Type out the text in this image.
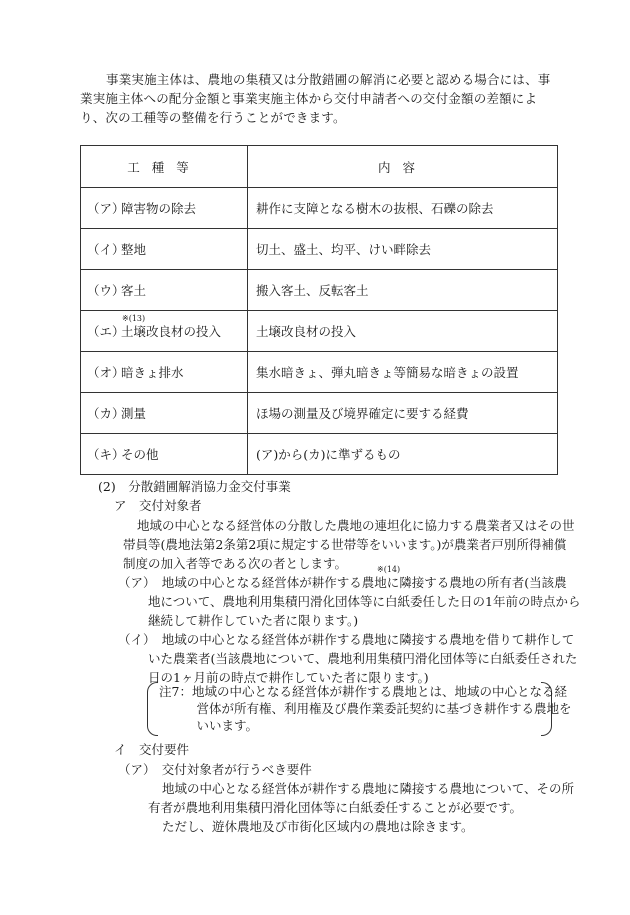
事業実施主体は、農地の集積又は分散錯圃の解消に必要と認める場合には、事業実施主体への配分金額と事業実施主体から交付申請者への交付金額の差額により、次の工種等の整備を行うことができます。
工種等	内容
（ア）障害物の除去	耕作に支障となる樹木の抜根、石礫の除去
（イ）整地	切土、盛土、均平、けい畔除去
（ウ）客土	搬入客土、反転客土

※(13)
（エ）土壌改良材の投入	土壌改良材の投入
（オ）暗きょ排水	集水暗きょ、弾丸暗きょ等簡易な暗きょの設置
（カ）測量	ほ場の測量及び境界確定に要する経費
（キ）その他	(ア)から(カ)に準ずるもの
(2)　分散錯圃解消協力金交付事業
ア　交付対象者
地域の中心となる経営体の分散した農地の連坦化に協力する農業者又はその世
帯員等(農地法第2条第2項に規定する世帯等をいいます。)が農業者戸別所得補償
制度の加入者等である次の者とします。	※(14)
（ア）　地域の中心となる経営体が耕作する農地に隣接する農地の所有者(当該農
地について、農地利用集積円滑化団体等に白紙委任した日の1年前の時点から
継続して耕作していた者に限ります。)
（イ）　地域の中心となる経営体が耕作する農地に隣接する農地を借りて耕作して
いた農業者(当該農地について、農地利用集積円滑化団体等に白紙委任された
日の1ヶ月前の時点で耕作していた者に限ります。)
注7：地域の中心となる経営体が耕作する農地とは、地域の中心となる経
　　　営体が所有権、利用権及び農作業委託契約に基づき耕作する農地を
　　　いいます。
イ　交付要件
（ア）　交付対象者が行うべき要件
地域の中心となる経営体が耕作する農地に隣接する農地について、その所
有者が農地利用集積円滑化団体等に白紙委任することが必要です。
ただし、遊休農地及び市街化区域内の農地は除きます。
